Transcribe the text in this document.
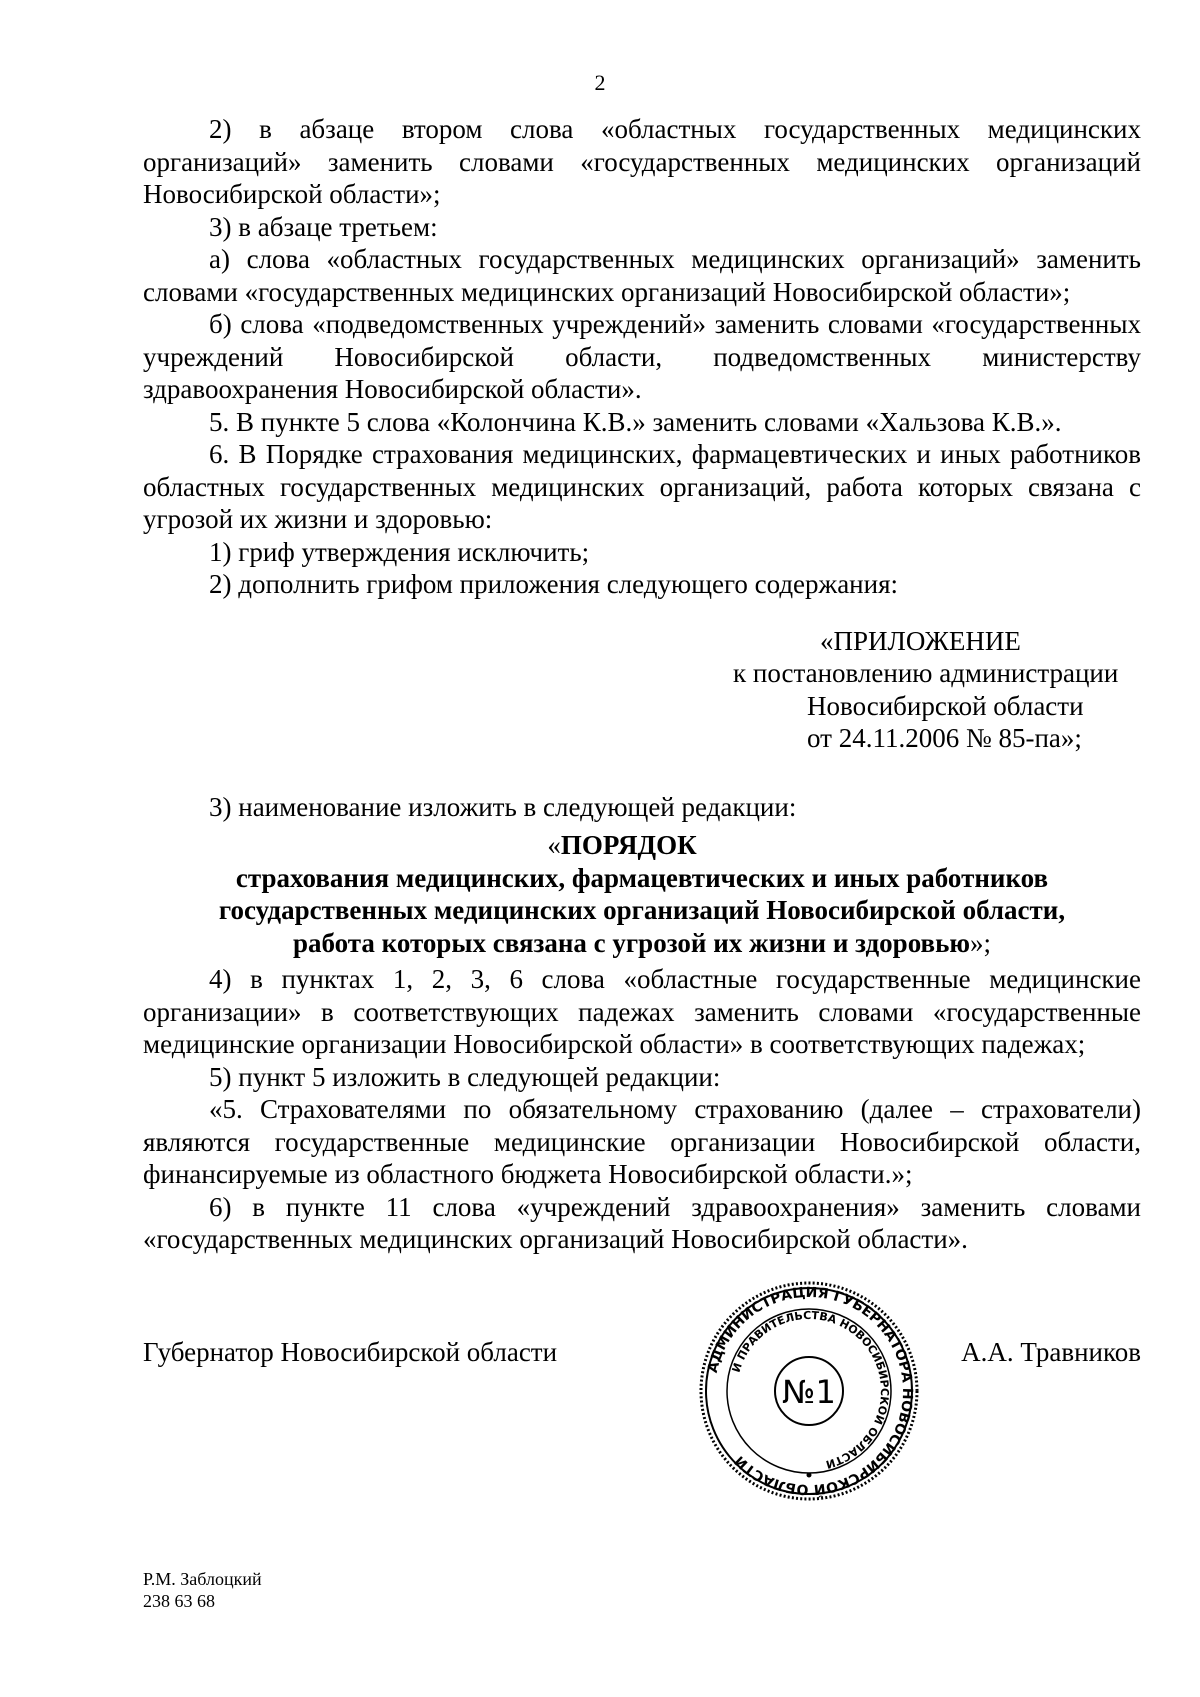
2

2) в абзаце втором слова «областных государственных медицинских организаций» заменить словами «государственных медицинских организаций Новосибирской области»;

3) в абзаце третьем:

а) слова «областных государственных медицинских организаций» заменить словами «государственных медицинских организаций Новосибирской области»;

б) слова «подведомственных учреждений» заменить словами «государственных учреждений Новосибирской области, подведомственных министерству здравоохранения Новосибирской области».

5. В пункте 5 слова «Колончина К.В.» заменить словами «Хальзова К.В.».

6. В Порядке страхования медицинских, фармацевтических и иных работников областных государственных медицинских организаций, работа которых связана с угрозой их жизни и здоровью:

1) гриф утверждения исключить;

2) дополнить грифом приложения следующего содержания:

«ПРИЛОЖЕНИЕ
к постановлению администрации
Новосибирской области
от 24.11.2006 № 85-па»;

3) наименование изложить в следующей редакции:

«ПОРЯДОК
страхования медицинских, фармацевтических и иных работников
государственных медицинских организаций Новосибирской области,
работа которых связана с угрозой их жизни и здоровью»;

4) в пунктах 1, 2, 3, 6 слова «областные государственные медицинские организации» в соответствующих падежах заменить словами «государственные медицинские организации Новосибирской области» в соответствующих падежах;

5) пункт 5 изложить в следующей редакции:

«5. Страхователями по обязательному страхованию (далее – страхователи) являются государственные медицинские организации Новосибирской области, финансируемые из областного бюджета Новосибирской области.»;

6) в пункте 11 слова «учреждений здравоохранения» заменить словами «государственных медицинских организаций Новосибирской области».

Губернатор Новосибирской области	А.А. Травников
АДМИНИСТРАЦИЯ ГУБЕРНАТОРА НОВОСИБИРСКОЙ ОБЛАСТИ
И ПРАВИТЕЛЬСТВА НОВОСИБИРСКОЙ ОБЛАСТИ
№1
Р.М. Заблоцкий
238 63 68
